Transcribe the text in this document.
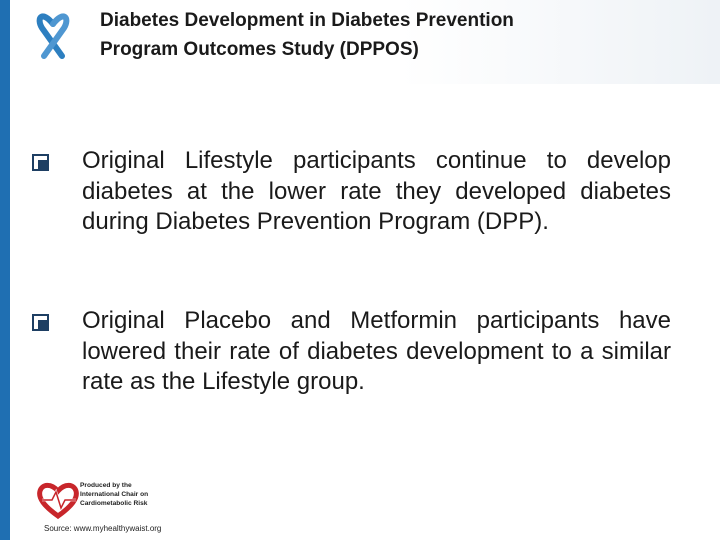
Diabetes Development in Diabetes Prevention
Program Outcomes Study (DPPOS)
Original Lifestyle participants continue to develop diabetes at the lower rate they developed diabetes during Diabetes Prevention Program (DPP).
Original Placebo and Metformin participants have lowered their rate of diabetes development to a similar rate as the Lifestyle group.
Produced by the
International Chair on
Cardiometabolic Risk
Source: www.myhealthywaist.org
